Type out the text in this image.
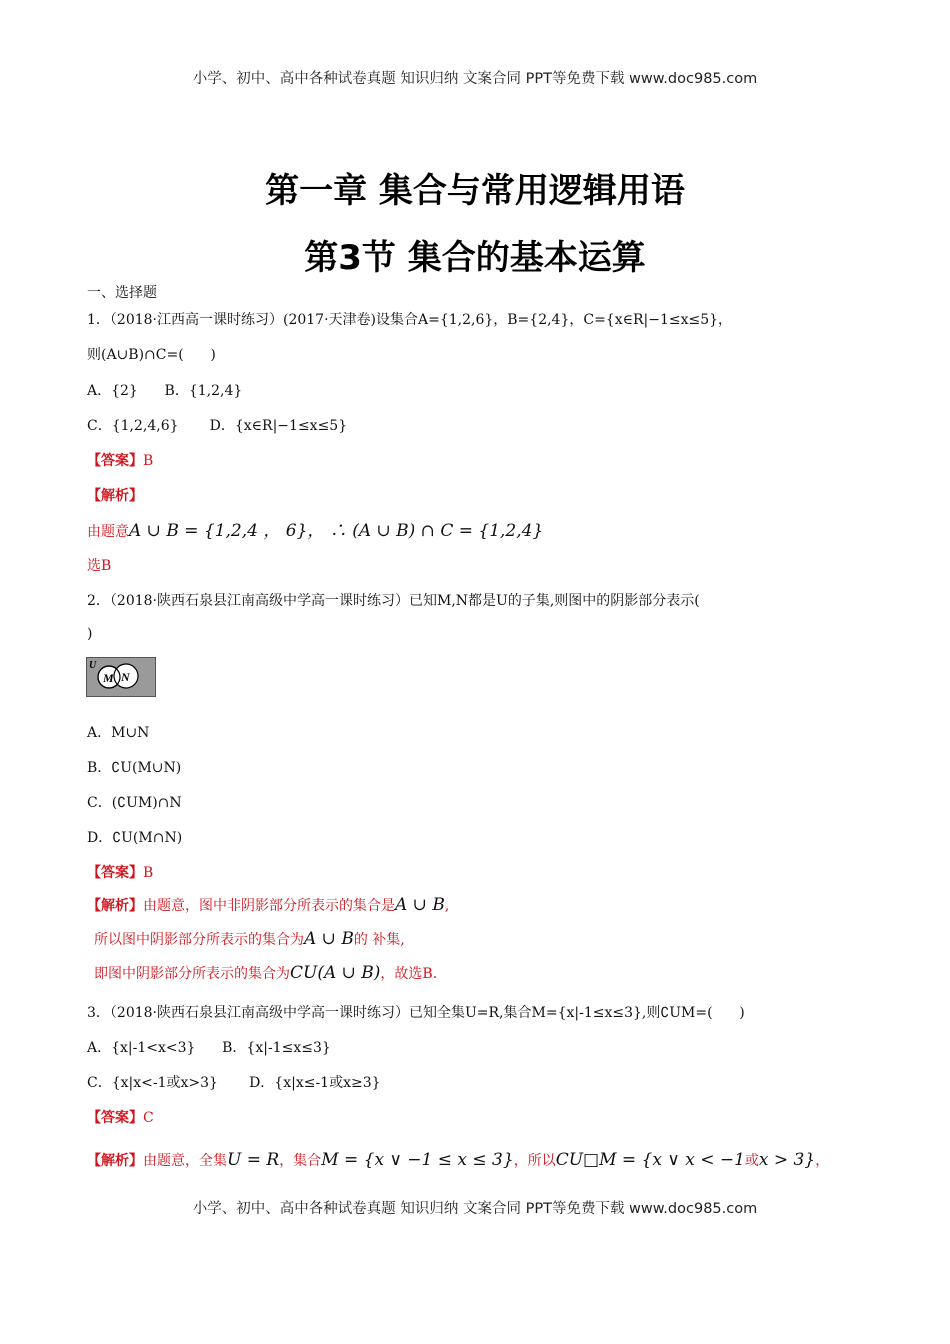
小学、初中、高中各种试卷真题 知识归纳 文案合同 PPT等免费下载 www.doc985.com
第一章 集合与常用逻辑用语
第3节 集合的基本运算
一、选择题
1．（2018·江西高一课时练习）(2017·天津卷)设集合A={1,2,6}，B={2,4}，C={x∈R|−1≤x≤5}，
则(A∪B)∩C=(      )
A．{2}      B．{1,2,4}
C．{1,2,4,6}       D．{x∈R|−1≤x≤5}
【答案】B
【解析】
由题意A ∪ B = {1,2,4 ， 6}， ∴ (A ∪ B) ∩ C = {1,2,4}
选B
2．（2018·陕西石泉县江南高级中学高一课时练习）已知M,N都是U的子集,则图中的阴影部分表示(
)
U
M N
A．M∪N
B．∁U(M∪N)
C．(∁UM)∩N
D．∁U(M∩N)
【答案】B
【解析】由题意，图中非阴影部分所表示的集合是A ∪ B,
所以图中阴影部分所表示的集合为A ∪ B的 补集,
即图中阴影部分所表示的集合为CU(A ∪ B)，故选B.
3．（2018·陕西石泉县江南高级中学高一课时练习）已知全集U=R,集合M={x|-1≤x≤3},则∁UM=(      )
A．{x|-1<x<3}      B．{x|-1≤x≤3}
C．{x|x<-1或x>3}       D．{x|x≤-1或x≥3}
【答案】C
【解析】由题意，全集U = R，集合M = {x ∨ −1 ≤ x ≤ 3}，所以CU□M = {x ∨ x < −1或x > 3}，
小学、初中、高中各种试卷真题 知识归纳 文案合同 PPT等免费下载 www.doc985.com
